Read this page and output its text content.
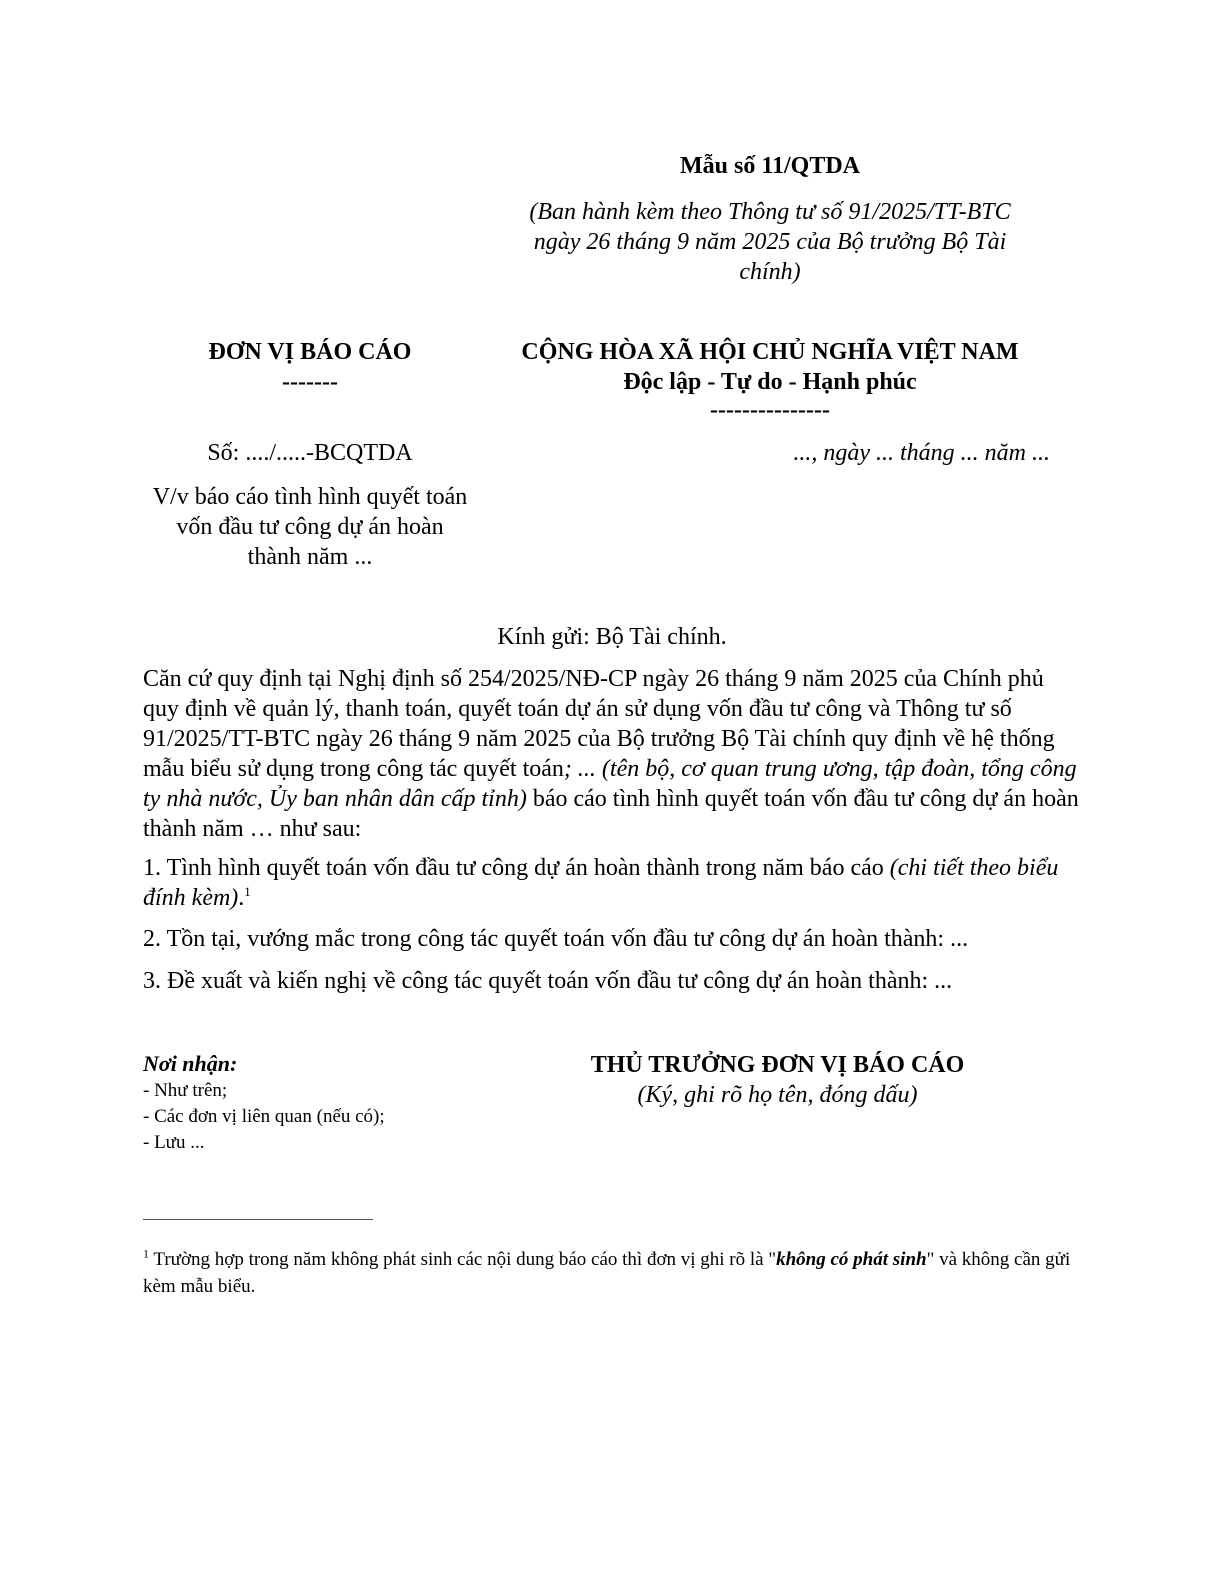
Mẫu số 11/QTDA
(Ban hành kèm theo Thông tư số 91/2025/TT-BTC ngày 26 tháng 9 năm 2025 của Bộ trưởng Bộ Tài chính)
ĐƠN VỊ BÁO CÁO
-------
CỘNG HÒA XÃ HỘI CHỦ NGHĨA VIỆT NAM
Độc lập - Tự do - Hạnh phúc
---------------
Số: ..../.....-BCQTDA	..., ngày ... tháng ... năm ...
V/v báo cáo tình hình quyết toán vốn đầu tư công dự án hoàn thành năm ...
Kính gửi: Bộ Tài chính.
Căn cứ quy định tại Nghị định số 254/2025/NĐ-CP ngày 26 tháng 9 năm 2025 của Chính phủ quy định về quản lý, thanh toán, quyết toán dự án sử dụng vốn đầu tư công và Thông tư số 91/2025/TT-BTC ngày 26 tháng 9 năm 2025 của Bộ trưởng Bộ Tài chính quy định về hệ thống mẫu biểu sử dụng trong công tác quyết toán; ... (tên bộ, cơ quan trung ương, tập đoàn, tổng công ty nhà nước, Ủy ban nhân dân cấp tỉnh) báo cáo tình hình quyết toán vốn đầu tư công dự án hoàn thành năm … như sau:
1. Tình hình quyết toán vốn đầu tư công dự án hoàn thành trong năm báo cáo (chi tiết theo biểu đính kèm).$^1$
2. Tồn tại, vướng mắc trong công tác quyết toán vốn đầu tư công dự án hoàn thành: ...
3. Đề xuất và kiến nghị về công tác quyết toán vốn đầu tư công dự án hoàn thành: ...
Nơi nhận:
- Như trên;
- Các đơn vị liên quan (nếu có);
- Lưu ...
THỦ TRƯỞNG ĐƠN VỊ BÁO CÁO
(Ký, ghi rõ họ tên, đóng dấu)
$^1$ Trường hợp trong năm không phát sinh các nội dung báo cáo thì đơn vị ghi rõ là "không có phát sinh" và không cần gửi kèm mẫu biểu.
